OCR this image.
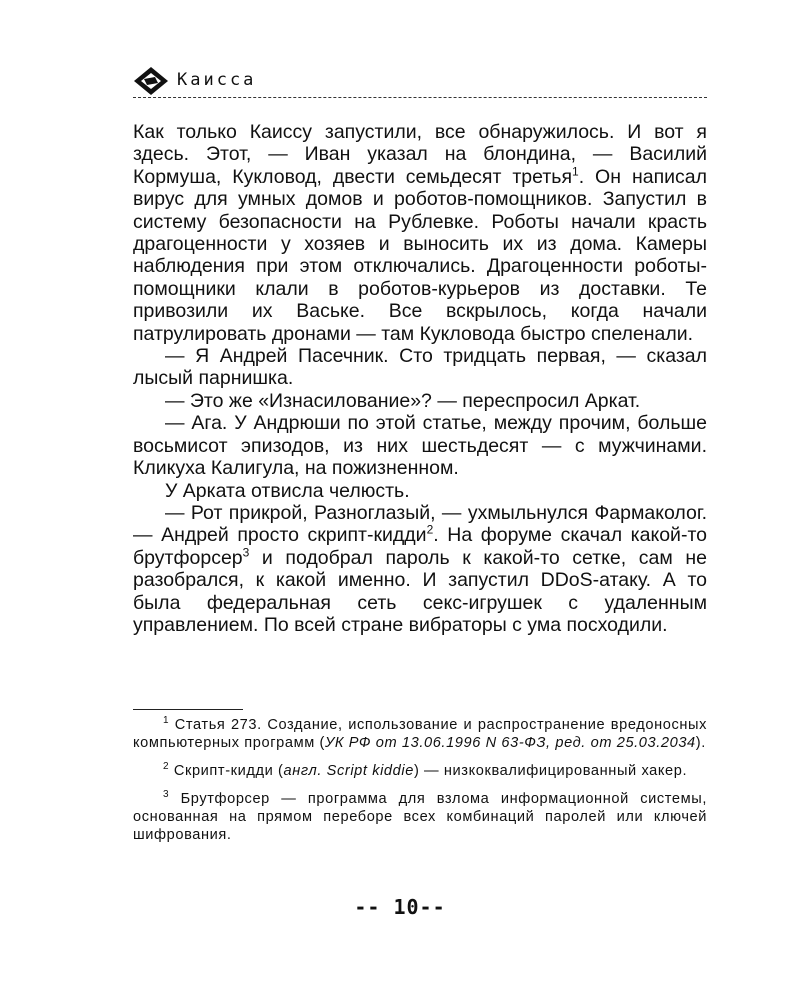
Каисса

Как только Каиссу запустили, все обнаружилось. И вот я здесь. Этот, — Иван указал на блондина, — Василий Кормуша, Кукловод, двести семьдесят третья$^1$. Он написал вирус для умных домов и роботов-помощников. Запустил в систему безопасности на Рублевке. Роботы начали красть драгоценности у хозяев и выносить их из дома. Камеры наблюдения при этом отключались. Драгоценности роботы-помощники клали в роботов-курьеров из доставки. Те привозили их Ваське. Все вскрылось, когда начали патрулировать дронами — там Кукловода быстро спеленали.

— Я Андрей Пасечник. Сто тридцать первая, — сказал лысый парнишка.

— Это же «Изнасилование»? — переспросил Аркат.

— Ага. У Андрюши по этой статье, между прочим, больше восьмисот эпизодов, из них шестьдесят — с мужчинами. Кликуха Калигула, на пожизненном.

У Арката отвисла челюсть.

— Рот прикрой, Разноглазый, — ухмыльнулся Фармаколог. — Андрей просто скрипт-кидди$^2$. На форуме скачал какой-то брутфорсер$^3$ и подобрал пароль к какой-то сетке, сам не разобрался, к какой именно. И запустил DDoS-атаку. А то была федеральная сеть секс-игрушек с удаленным управлением. По всей стране вибраторы с ума посходили.

$^1$ Статья 273. Создание, использование и распространение вредоносных компьютерных программ (УК РФ от 13.06.1996 N 63-ФЗ, ред. от 25.03.2034).

$^2$ Скрипт-кидди (англ. Script kiddie) — низкоквалифицированный хакер.

$^3$ Брутфорсер — программа для взлома информационной системы, основанная на прямом переборе всех комбинаций паролей или ключей шифрования.

-- 10--
